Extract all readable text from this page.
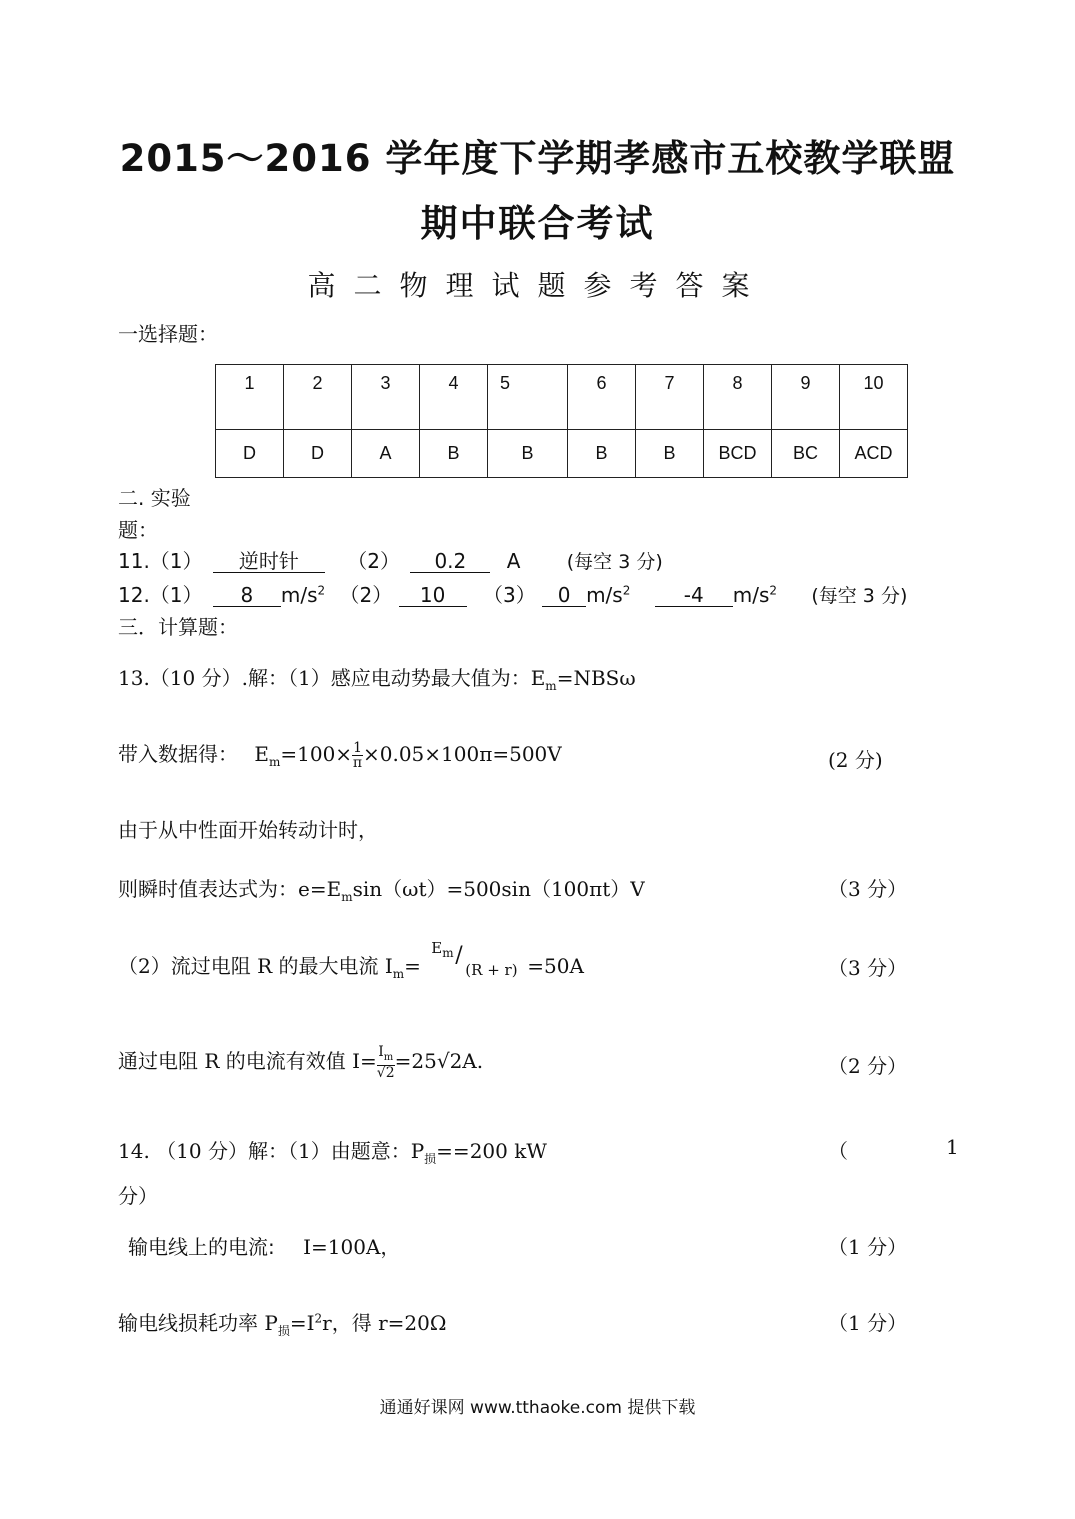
2015～2016 学年度下学期孝感市五校教学联盟
期中联合考试
高二物理试题参考答案
一选择题：
1	2	3	4	5	6	7	8	9	10
D	D	A	B	B	B	B	BCD	BC	ACD
二. 实验
题：
11.（1） 逆时针 （2） 0.2 A (每空 3 分)
12.（1） 8 $m/s^2$ （2） 10 （3） 0 $m/s^2$	-4 $m/s^2$ (每空 3 分)
三．计算题：
13.（10 分）.解：（1）感应电动势最大值为：$E_m=NBS\omega$
带入数据得： $E_m=100\times \frac{1}{\pi} \times 0.05\times 100\pi=500V$	(2 分)
由于从中性面开始转动计时，
则瞬时值表达式为：$e=E_m\sin(\omega t)=500\sin(100\pi t)V$	（3 分）
（2）流过电阻 R 的最大电流 $I_m=$
$E_m$ /
(R + r) =50A	（3 分）
通过电阻 R 的电流有效值 $I= \frac{I_m}{√2} =25√2A$.	（2 分）
14. （10 分）解：（1）由题意：$P_损==200$ kW	（	1
分）
输电线上的电流: I=100A，	（1 分）
输电线损耗功率 $P_损=I^2r$，得 r=20Ω	（1 分）
通通好课网 www.tthaoke.com 提供下载
